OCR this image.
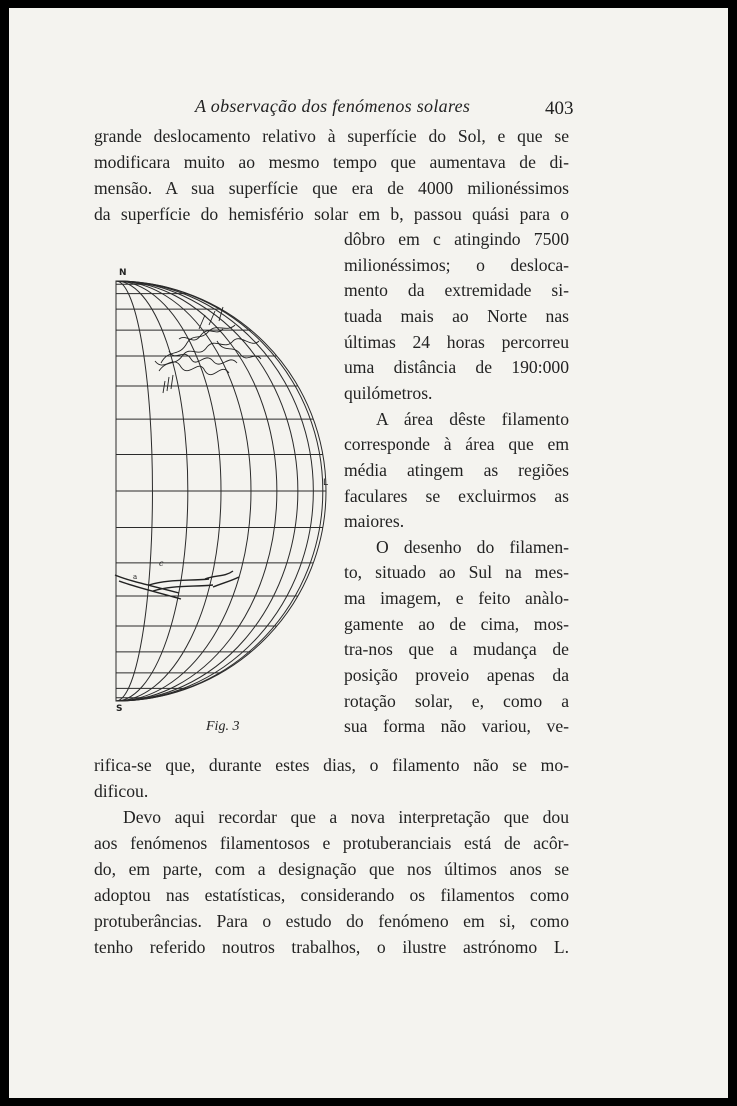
A observação dos fenómenos solares	403
grande deslocamento relativo à superfície do Sol, e que se
modificara muito ao mesmo tempo que aumentava de di-
mensão. A sua superfície que era de 4000 milionéssimos
da superfície do hemisfério solar em b, passou quási para o
dôbro em c atingindo 7500
milionéssimos; o desloca-
mento da extremidade si-
tuada mais ao Norte nas
últimas 24 horas percorreu
uma distância de 190:000
quilómetros.
A área dêste filamento
corresponde à área que em
média atingem as regiões
faculares se excluirmos as
maiores.
O desenho do filamen-
to, situado ao Sul na mes-
ma imagem, e feito anàlo-
gamente ao de cima, mos-
tra-nos que a mudança de
posição proveio apenas da
rotação solar, e, como a
sua forma não variou, ve-
rifica-se que, durante estes dias, o filamento não se mo-
dificou.
Devo aqui recordar que a nova interpretação que dou
aos fenómenos filamentosos e protuberanciais está de acôr-
do, em parte, com a designação que nos últimos anos se
adoptou nas estatísticas, considerando os filamentos como
protuberâncias. Para o estudo do fenómeno em si, como
tenho referido noutros trabalhos, o ilustre astrónomo L.
N
S
L
c
a
Fig. 3
